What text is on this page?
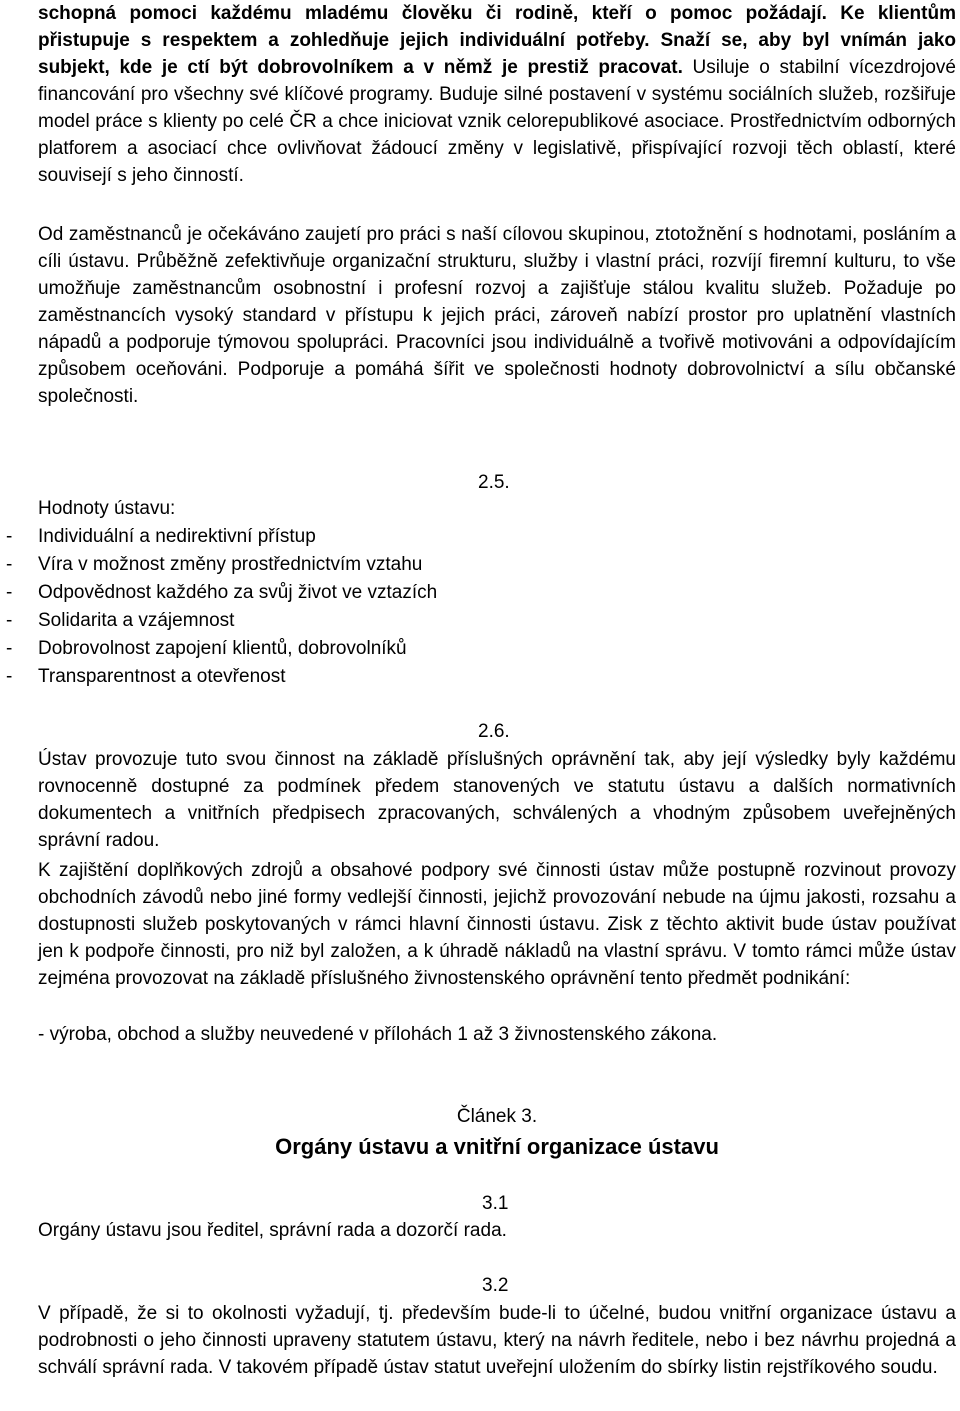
schopná pomoci každému mladému člověku či rodině, kteří o pomoc požádají. Ke klientům přistupuje s respektem a zohledňuje jejich individuální potřeby. Snaží se, aby byl vnímán jako subjekt, kde je ctí být dobrovolníkem a v němž je prestiž pracovat. Usiluje o stabilní vícezdrojové financování pro všechny své klíčové programy. Buduje silné postavení v systému sociálních služeb, rozšiřuje model práce s klienty po celé ČR a chce iniciovat vznik celorepublikové asociace. Prostřednictvím odborných platforem a asociací chce ovlivňovat žádoucí změny v legislativě, přispívající rozvoji těch oblastí, které souvisejí s jeho činností.
Od zaměstnanců je očekáváno zaujetí pro práci s naší cílovou skupinou, ztotožnění s hodnotami, posláním a cíli ústavu. Průběžně zefektivňuje organizační strukturu, služby i vlastní práci, rozvíjí firemní kulturu, to vše umožňuje zaměstnancům osobnostní i profesní rozvoj a zajišťuje stálou kvalitu služeb. Požaduje po zaměstnancích vysoký standard v přístupu k jejich práci, zároveň nabízí prostor pro uplatnění vlastních nápadů a podporuje týmovou spolupráci. Pracovníci jsou individuálně a tvořivě motivováni a odpovídajícím způsobem oceňováni. Podporuje a pomáhá šířit ve společnosti hodnoty dobrovolnictví a sílu občanské společnosti.
2.5.
Hodnoty ústavu:
- Individuální a nedirektivní přístup
- Víra v možnost změny prostřednictvím vztahu
- Odpovědnost každého za svůj život ve vztazích
- Solidarita a vzájemnost
- Dobrovolnost zapojení klientů, dobrovolníků
- Transparentnost a otevřenost
2.6.
Ústav provozuje tuto svou činnost na základě příslušných oprávnění tak, aby její výsledky byly každému rovnocenně dostupné za podmínek předem stanovených ve statutu ústavu a dalších normativních dokumentech a vnitřních předpisech zpracovaných, schválených a vhodným způsobem uveřejněných správní radou.
K zajištění doplňkových zdrojů a obsahové podpory své činnosti ústav může postupně rozvinout provozy obchodních závodů nebo jiné formy vedlejší činnosti, jejichž provozování nebude na újmu jakosti, rozsahu a dostupnosti služeb poskytovaných v rámci hlavní činnosti ústavu. Zisk z těchto aktivit bude ústav používat jen k podpoře činnosti, pro niž byl založen, a k úhradě nákladů na vlastní správu. V tomto rámci může ústav zejména provozovat na základě příslušného živnostenského oprávnění tento předmět podnikání:
- výroba, obchod a služby neuvedené v přílohách 1 až 3 živnostenského zákona.
Článek 3.
Orgány ústavu a vnitřní organizace ústavu
3.1
Orgány ústavu jsou ředitel, správní rada a dozorčí rada.
3.2
V případě, že si to okolnosti vyžadují, tj. především bude-li to účelné, budou vnitřní organizace ústavu a podrobnosti o jeho činnosti upraveny statutem ústavu, který na návrh ředitele, nebo i bez návrhu projedná a schválí správní rada. V takovém případě ústav statut uveřejní uložením do sbírky listin rejstříkového soudu.
